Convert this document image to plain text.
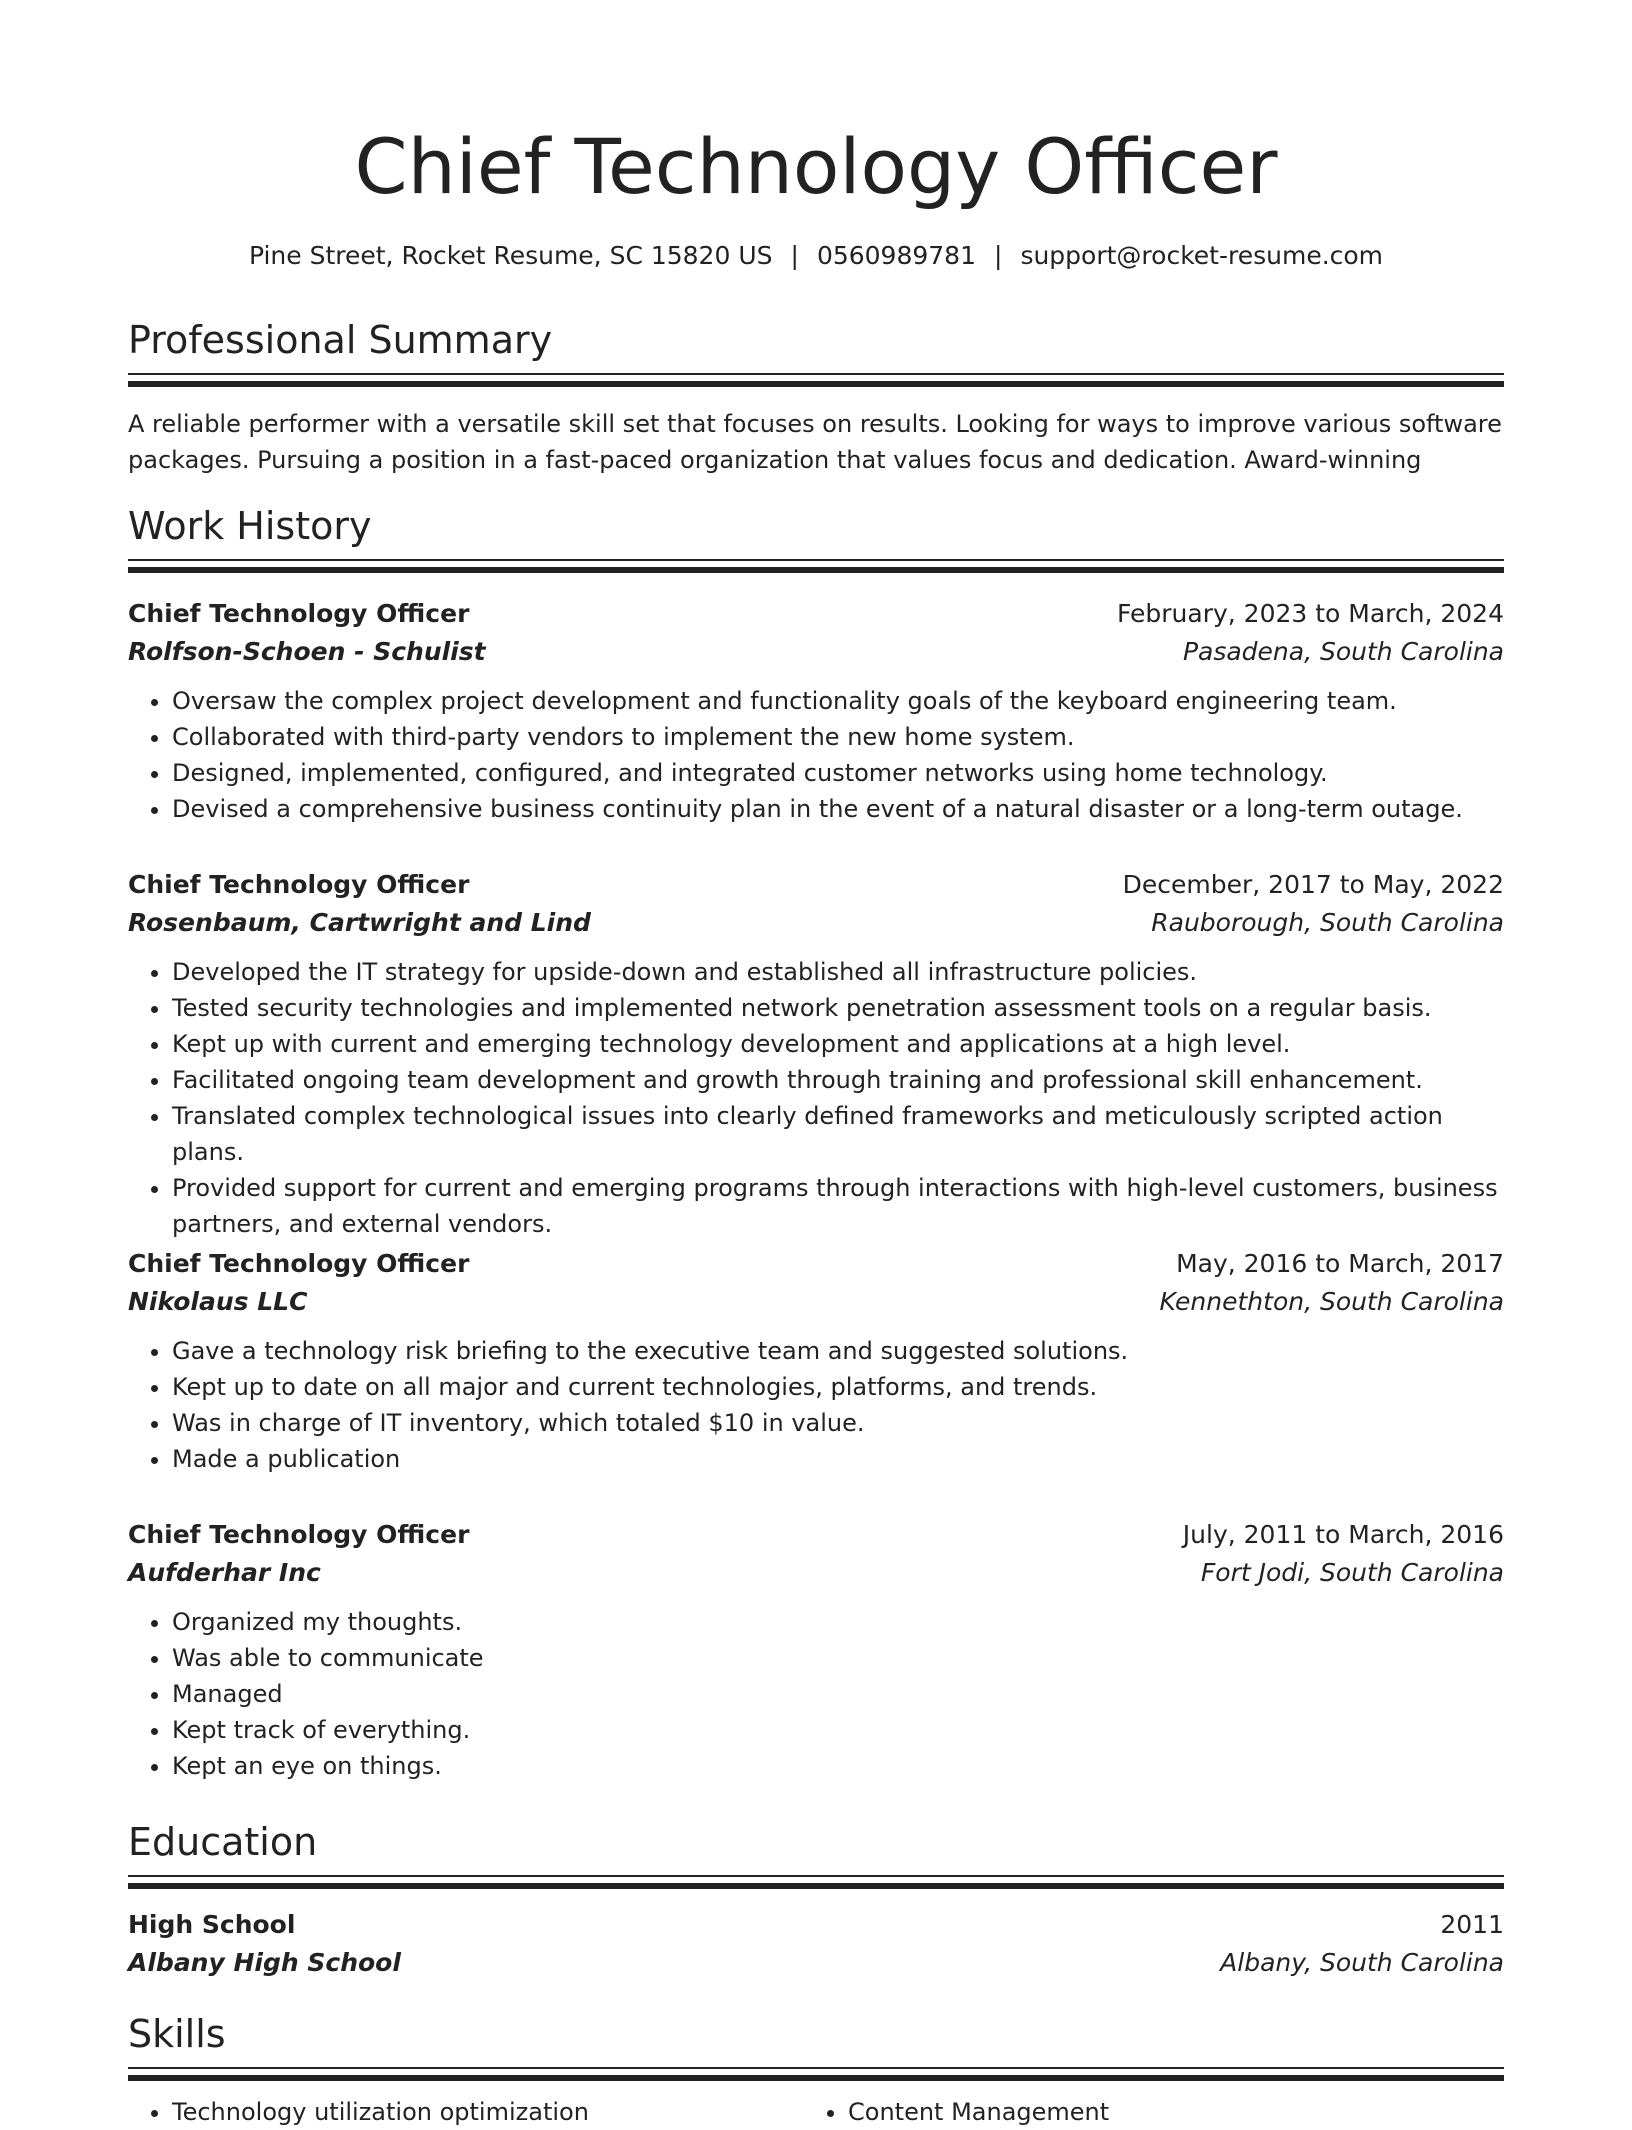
Chief Technology Officer
Pine Street, Rocket Resume, SC 15820 US | 0560989781 | support@rocket-resume.com
Professional Summary

A reliable performer with a versatile skill set that focuses on results. Looking for ways to improve various software packages. Pursuing a position in a fast-paced organization that values focus and dedication. Award-winning

Work History
Chief Technology Officer	February, 2023 to March, 2024
Rolfson-Schoen - Schulist	Pasadena, South Carolina
• Oversaw the complex project development and functionality goals of the keyboard engineering team.
• Collaborated with third-party vendors to implement the new home system.
• Designed, implemented, configured, and integrated customer networks using home technology.
• Devised a comprehensive business continuity plan in the event of a natural disaster or a long-term outage.
Chief Technology Officer	December, 2017 to May, 2022
Rosenbaum, Cartwright and Lind	Rauborough, South Carolina
• Developed the IT strategy for upside-down and established all infrastructure policies.
• Tested security technologies and implemented network penetration assessment tools on a regular basis.
• Kept up with current and emerging technology development and applications at a high level.
• Facilitated ongoing team development and growth through training and professional skill enhancement.
• Translated complex technological issues into clearly defined frameworks and meticulously scripted action plans.
• Provided support for current and emerging programs through interactions with high-level customers, business partners, and external vendors.
Chief Technology Officer	May, 2016 to March, 2017
Nikolaus LLC	Kennethton, South Carolina
• Gave a technology risk briefing to the executive team and suggested solutions.
• Kept up to date on all major and current technologies, platforms, and trends.
• Was in charge of IT inventory, which totaled $10 in value.
• Made a publication
Chief Technology Officer	July, 2011 to March, 2016
Aufderhar Inc	Fort Jodi, South Carolina
• Organized my thoughts.
• Was able to communicate
• Managed
• Kept track of everything.
• Kept an eye on things.
Education
High School	2011
Albany High School	Albany, South Carolina
Skills
• Technology utilization optimization
•	Content Management
